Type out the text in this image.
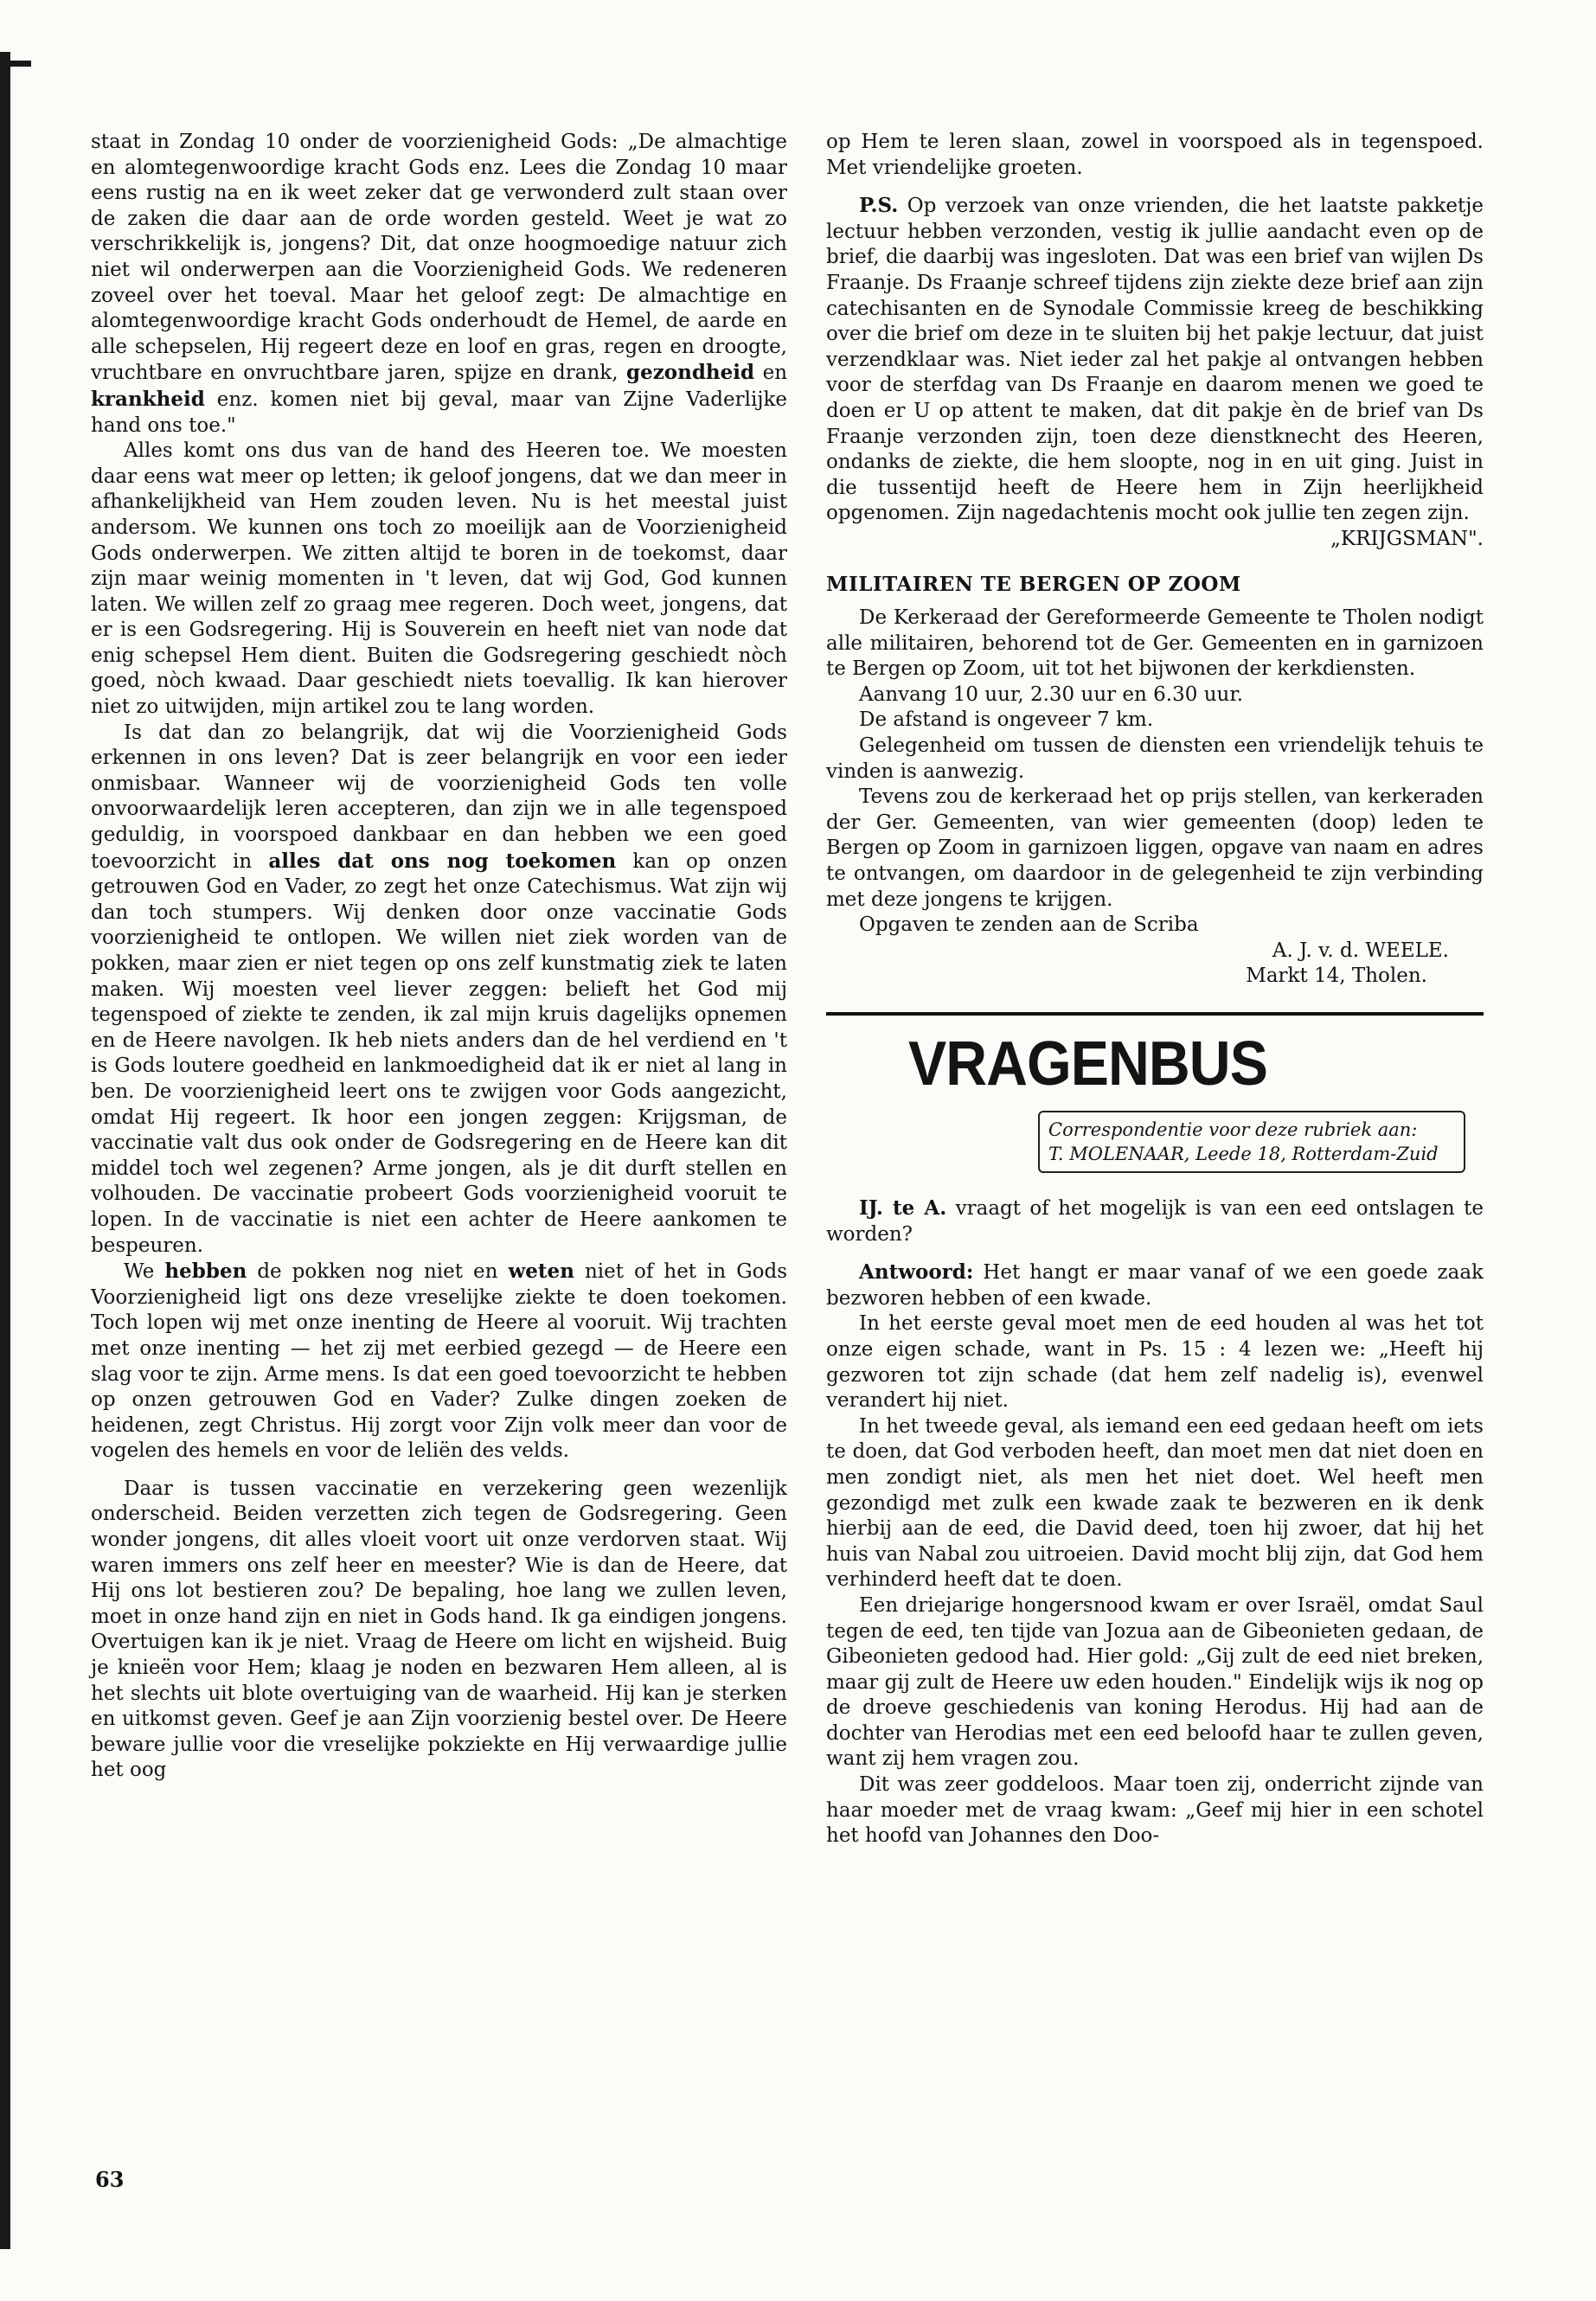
staat in Zondag 10 onder de voorzienigheid Gods: „De almachtige en alomtegenwoordige kracht Gods enz. Lees die Zondag 10 maar eens rustig na en ik weet zeker dat ge verwonderd zult staan over de zaken die daar aan de orde worden gesteld. Weet je wat zo verschrikkelijk is, jongens? Dit, dat onze hoogmoedige natuur zich niet wil onderwerpen aan die Voorzienigheid Gods. We redeneren zoveel over het toeval. Maar het geloof zegt: De almachtige en alomtegenwoordige kracht Gods onderhoudt de Hemel, de aarde en alle schepselen, Hij regeert deze en loof en gras, regen en droogte, vruchtbare en onvruchtbare jaren, spijze en drank, gezondheid en krankheid enz. komen niet bij geval, maar van Zijne Vaderlijke hand ons toe."

Alles komt ons dus van de hand des Heeren toe. We moesten daar eens wat meer op letten; ik geloof jongens, dat we dan meer in afhankelijkheid van Hem zouden leven. Nu is het meestal juist andersom. We kunnen ons toch zo moeilijk aan de Voorzienigheid Gods onderwerpen. We zitten altijd te boren in de toekomst, daar zijn maar weinig momenten in 't leven, dat wij God, God kunnen laten. We willen zelf zo graag mee regeren. Doch weet, jongens, dat er is een Godsregering. Hij is Souverein en heeft niet van node dat enig schepsel Hem dient. Buiten die Godsregering geschiedt nòch goed, nòch kwaad. Daar geschiedt niets toevallig. Ik kan hierover niet zo uitwijden, mijn artikel zou te lang worden.

Is dat dan zo belangrijk, dat wij die Voorzienigheid Gods erkennen in ons leven? Dat is zeer belangrijk en voor een ieder onmisbaar. Wanneer wij de voorzienigheid Gods ten volle onvoorwaardelijk leren accepteren, dan zijn we in alle tegenspoed geduldig, in voorspoed dankbaar en dan hebben we een goed toevoorzicht in alles dat ons nog toekomen kan op onzen getrouwen God en Vader, zo zegt het onze Catechismus. Wat zijn wij dan toch stumpers. Wij denken door onze vaccinatie Gods voorzienigheid te ontlopen. We willen niet ziek worden van de pokken, maar zien er niet tegen op ons zelf kunstmatig ziek te laten maken. Wij moesten veel liever zeggen: belieft het God mij tegenspoed of ziekte te zenden, ik zal mijn kruis dagelijks opnemen en de Heere navolgen. Ik heb niets anders dan de hel verdiend en 't is Gods loutere goedheid en lankmoedigheid dat ik er niet al lang in ben. De voorzienigheid leert ons te zwijgen voor Gods aangezicht, omdat Hij regeert. Ik hoor een jongen zeggen: Krijgsman, de vaccinatie valt dus ook onder de Godsregering en de Heere kan dit middel toch wel zegenen? Arme jongen, als je dit durft stellen en volhouden. De vaccinatie probeert Gods voorzienigheid vooruit te lopen. In de vaccinatie is niet een achter de Heere aankomen te bespeuren.

We hebben de pokken nog niet en weten niet of het in Gods Voorzienigheid ligt ons deze vreselijke ziekte te doen toekomen. Toch lopen wij met onze inenting de Heere al vooruit. Wij trachten met onze inenting — het zij met eerbied gezegd — de Heere een slag voor te zijn. Arme mens. Is dat een goed toevoorzicht te hebben op onzen getrouwen God en Vader? Zulke dingen zoeken de heidenen, zegt Christus. Hij zorgt voor Zijn volk meer dan voor de vogelen des hemels en voor de leliën des velds.

Daar is tussen vaccinatie en verzekering geen wezenlijk onderscheid. Beiden verzetten zich tegen de Godsregering. Geen wonder jongens, dit alles vloeit voort uit onze verdorven staat. Wij waren immers ons zelf heer en meester? Wie is dan de Heere, dat Hij ons lot bestieren zou? De bepaling, hoe lang we zullen leven, moet in onze hand zijn en niet in Gods hand. Ik ga eindigen jongens. Overtuigen kan ik je niet. Vraag de Heere om licht en wijsheid. Buig je knieën voor Hem; klaag je noden en bezwaren Hem alleen, al is het slechts uit blote overtuiging van de waarheid. Hij kan je sterken en uitkomst geven. Geef je aan Zijn voorzienig bestel over. De Heere beware jullie voor die vreselijke pokziekte en Hij verwaardige jullie het oog

op Hem te leren slaan, zowel in voorspoed als in tegenspoed. Met vriendelijke groeten.

P.S. Op verzoek van onze vrienden, die het laatste pakketje lectuur hebben verzonden, vestig ik jullie aandacht even op de brief, die daarbij was ingesloten. Dat was een brief van wijlen Ds Fraanje. Ds Fraanje schreef tijdens zijn ziekte deze brief aan zijn catechisanten en de Synodale Commissie kreeg de beschikking over die brief om deze in te sluiten bij het pakje lectuur, dat juist verzendklaar was. Niet ieder zal het pakje al ontvangen hebben voor de sterfdag van Ds Fraanje en daarom menen we goed te doen er U op attent te maken, dat dit pakje èn de brief van Ds Fraanje verzonden zijn, toen deze dienstknecht des Heeren, ondanks de ziekte, die hem sloopte, nog in en uit ging. Juist in die tussentijd heeft de Heere hem in Zijn heerlijkheid opgenomen. Zijn nagedachtenis mocht ook jullie ten zegen zijn.

„KRIJGSMAN".

MILITAIREN TE BERGEN OP ZOOM

De Kerkeraad der Gereformeerde Gemeente te Tholen nodigt alle militairen, behorend tot de Ger. Gemeenten en in garnizoen te Bergen op Zoom, uit tot het bijwonen der kerkdiensten.

Aanvang 10 uur, 2.30 uur en 6.30 uur.

De afstand is ongeveer 7 km.

Gelegenheid om tussen de diensten een vriendelijk tehuis te vinden is aanwezig.

Tevens zou de kerkeraad het op prijs stellen, van kerkeraden der Ger. Gemeenten, van wier gemeenten (doop) leden te Bergen op Zoom in garnizoen liggen, opgave van naam en adres te ontvangen, om daardoor in de gelegenheid te zijn verbinding met deze jongens te krijgen.

Opgaven te zenden aan de Scriba

A. J. v. d. WEELE.

Markt 14, Tholen.

VRAGENBUS
Correspondentie voor deze rubriek aan:
T. MOLENAAR, Leede 18, Rotterdam-Zuid

IJ. te A. vraagt of het mogelijk is van een eed ontslagen te worden?

Antwoord: Het hangt er maar vanaf of we een goede zaak bezworen hebben of een kwade.

In het eerste geval moet men de eed houden al was het tot onze eigen schade, want in Ps. 15 : 4 lezen we: „Heeft hij gezworen tot zijn schade (dat hem zelf nadelig is), evenwel verandert hij niet.

In het tweede geval, als iemand een eed gedaan heeft om iets te doen, dat God verboden heeft, dan moet men dat niet doen en men zondigt niet, als men het niet doet. Wel heeft men gezondigd met zulk een kwade zaak te bezweren en ik denk hierbij aan de eed, die David deed, toen hij zwoer, dat hij het huis van Nabal zou uitroeien. David mocht blij zijn, dat God hem verhinderd heeft dat te doen.

Een driejarige hongersnood kwam er over Israël, omdat Saul tegen de eed, ten tijde van Jozua aan de Gibeonieten gedaan, de Gibeonieten gedood had. Hier gold: „Gij zult de eed niet breken, maar gij zult de Heere uw eden houden." Eindelijk wijs ik nog op de droeve geschiedenis van koning Herodus. Hij had aan de dochter van Herodias met een eed beloofd haar te zullen geven, want zij hem vragen zou.

Dit was zeer goddeloos. Maar toen zij, onderricht zijnde van haar moeder met de vraag kwam: „Geef mij hier in een schotel het hoofd van Johannes den Doo-

63
